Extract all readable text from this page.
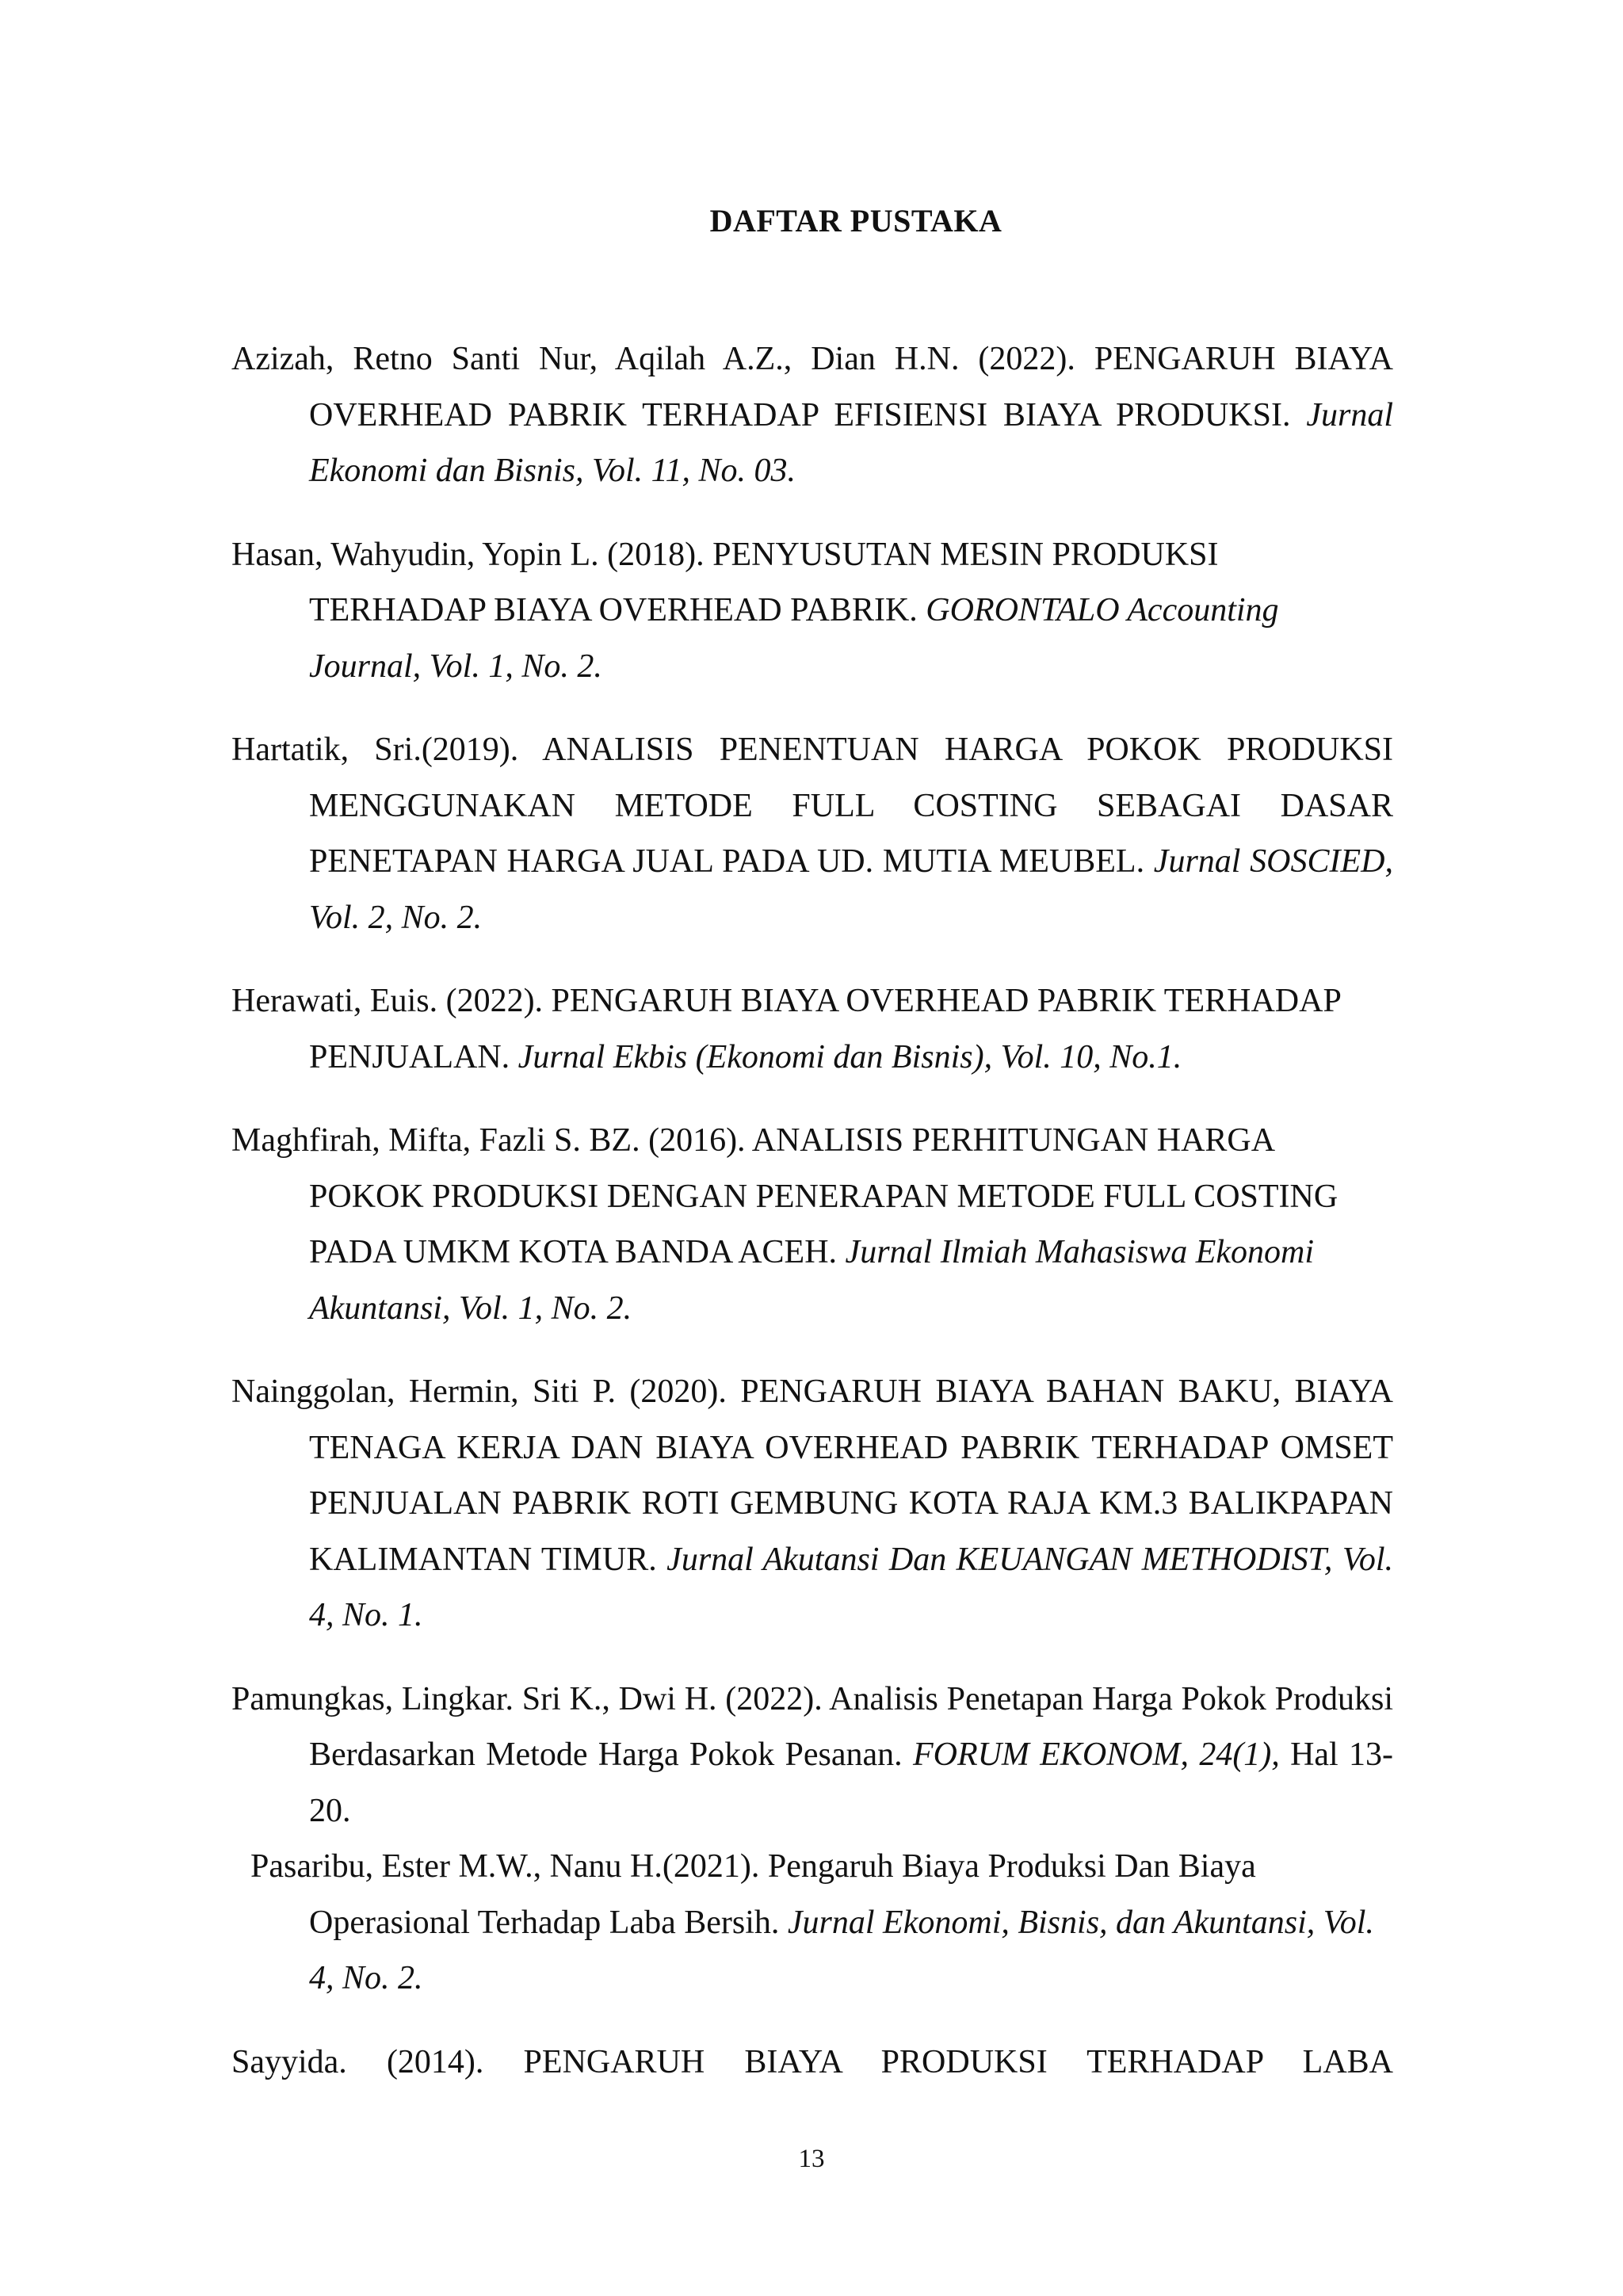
DAFTAR PUSTAKA

Azizah, Retno Santi Nur, Aqilah A.Z., Dian H.N. (2022). PENGARUH BIAYA OVERHEAD PABRIK TERHADAP EFISIENSI BIAYA PRODUKSI. Jurnal Ekonomi dan Bisnis, Vol. 11, No. 03.

Hasan, Wahyudin, Yopin L. (2018). PENYUSUTAN MESIN PRODUKSI TERHADAP BIAYA OVERHEAD PABRIK. GORONTALO Accounting Journal, Vol. 1, No. 2.

Hartatik, Sri.(2019). ANALISIS PENENTUAN HARGA POKOK PRODUKSI MENGGUNAKAN METODE FULL COSTING SEBAGAI DASAR PENETAPAN HARGA JUAL PADA UD. MUTIA MEUBEL. Jurnal SOSCIED, Vol. 2, No. 2.

Herawati, Euis. (2022). PENGARUH BIAYA OVERHEAD PABRIK TERHADAP PENJUALAN. Jurnal Ekbis (Ekonomi dan Bisnis), Vol. 10, No.1.

Maghfirah, Mifta, Fazli S. BZ. (2016). ANALISIS PERHITUNGAN HARGA POKOK PRODUKSI DENGAN PENERAPAN METODE FULL COSTING PADA UMKM KOTA BANDA ACEH. Jurnal Ilmiah Mahasiswa Ekonomi Akuntansi, Vol. 1, No. 2.

Nainggolan, Hermin, Siti P. (2020). PENGARUH BIAYA BAHAN BAKU, BIAYA TENAGA KERJA DAN BIAYA OVERHEAD PABRIK TERHADAP OMSET PENJUALAN PABRIK ROTI GEMBUNG KOTA RAJA KM.3 BALIKPAPAN KALIMANTAN TIMUR. Jurnal Akutansi Dan KEUANGAN METHODIST, Vol. 4, No. 1.

Pamungkas, Lingkar. Sri K., Dwi H. (2022). Analisis Penetapan Harga Pokok Produksi Berdasarkan Metode Harga Pokok Pesanan. FORUM EKONOM, 24(1), Hal 13-20.

Pasaribu, Ester M.W., Nanu H.(2021). Pengaruh Biaya Produksi Dan Biaya Operasional Terhadap Laba Bersih. Jurnal Ekonomi, Bisnis, dan Akuntansi, Vol. 4, No. 2.

Sayyida. (2014). PENGARUH BIAYA PRODUKSI TERHADAP LABA

13
